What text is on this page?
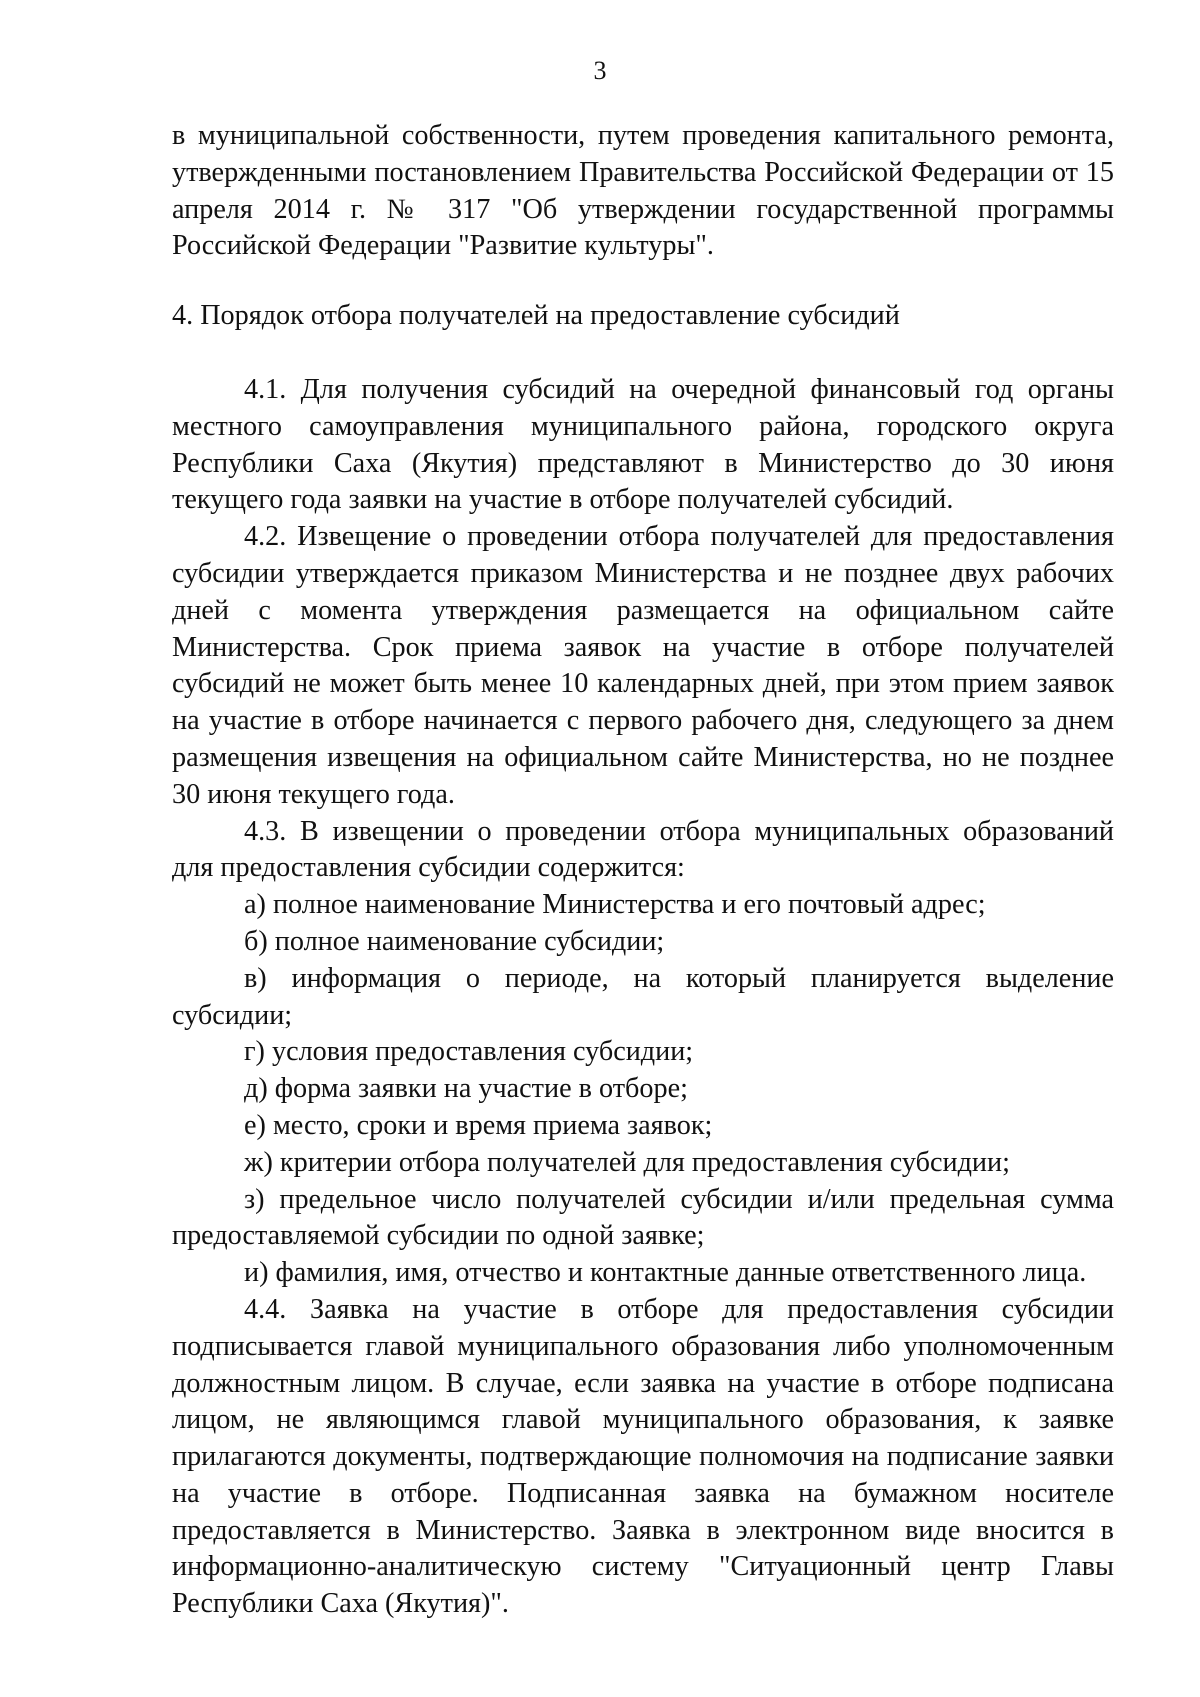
3

в муниципальной собственности, путем проведения капитального ремонта, утвержденными постановлением Правительства Российской Федерации от 15 апреля 2014 г. № 317 "Об утверждении государственной программы Российской Федерации "Развитие культуры".

4. Порядок отбора получателей на предоставление субсидий

4.1. Для получения субсидий на очередной финансовый год органы местного самоуправления муниципального района, городского округа Республики Саха (Якутия) представляют в Министерство до 30 июня текущего года заявки на участие в отборе получателей субсидий.

4.2. Извещение о проведении отбора получателей для предоставления субсидии утверждается приказом Министерства и не позднее двух рабочих дней с момента утверждения размещается на официальном сайте Министерства. Срок приема заявок на участие в отборе получателей субсидий не может быть менее 10 календарных дней, при этом прием заявок на участие в отборе начинается с первого рабочего дня, следующего за днем размещения извещения на официальном сайте Министерства, но не позднее 30 июня текущего года.

4.3. В извещении о проведении отбора муниципальных образований для предоставления субсидии содержится:

а) полное наименование Министерства и его почтовый адрес;

б) полное наименование субсидии;

в) информация о периоде, на который планируется выделение субсидии;

г) условия предоставления субсидии;

д) форма заявки на участие в отборе;

е) место, сроки и время приема заявок;

ж) критерии отбора получателей для предоставления субсидии;

з) предельное число получателей субсидии и/или предельная сумма предоставляемой субсидии по одной заявке;

и) фамилия, имя, отчество и контактные данные ответственного лица.

4.4. Заявка на участие в отборе для предоставления субсидии подписывается главой муниципального образования либо уполномоченным должностным лицом. В случае, если заявка на участие в отборе подписана лицом, не являющимся главой муниципального образования, к заявке прилагаются документы, подтверждающие полномочия на подписание заявки на участие в отборе. Подписанная заявка на бумажном носителе предоставляется в Министерство. Заявка в электронном виде вносится в информационно-аналитическую систему "Ситуационный центр Главы Республики Саха (Якутия)".
